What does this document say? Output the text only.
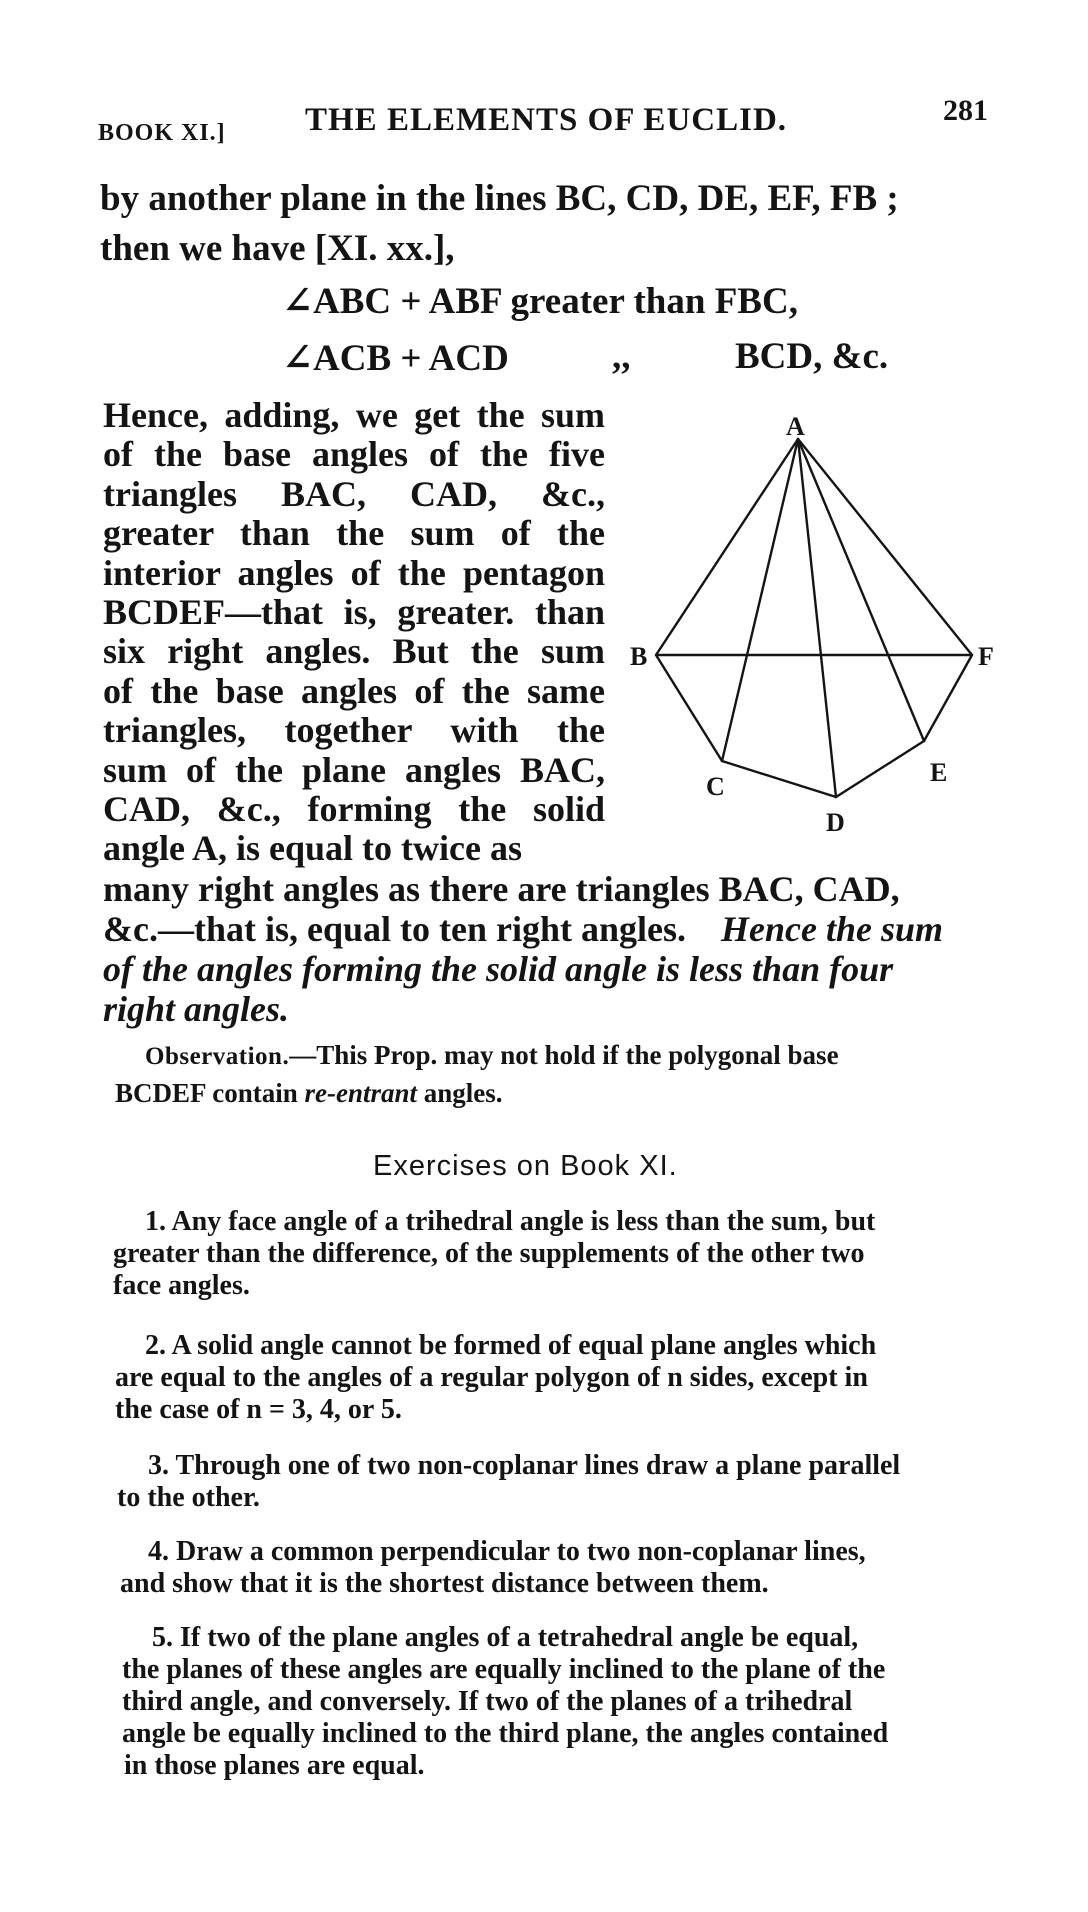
BOOK XI.] THE ELEMENTS OF EUCLID.	281
by another plane in the lines BC, CD, DE, EF, FB ;
then we have [XI. xx.],
∠ABC + ABF greater than FBC,
∠ACB + ACD	,,	BCD, &c.
Hence, adding, we get the sum
of the base angles of the five
triangles BAC, CAD, &c.,
greater than the sum of the
interior angles of the pentagon
BCDEF—that is, greater. than
six right angles. But the sum
of the base angles of the same
triangles, together with the
sum of the plane angles BAC,
CAD, &c., forming the solid
angle A, is equal to twice as
A
B
C
D
E
F
many right angles as there are triangles BAC, CAD,
&c.—that is, equal to ten right angles. Hence the sum
of the angles forming the solid angle is less than four
right angles.
Observation.—This Prop. may not hold if the polygonal base
BCDEF contain re-entrant angles.
Exercises on Book XI.
1. Any face angle of a trihedral angle is less than the sum, but
greater than the difference, of the supplements of the other two
face angles.
2. A solid angle cannot be formed of equal plane angles which
are equal to the angles of a regular polygon of n sides, except in
the case of n = 3, 4, or 5.
3. Through one of two non-coplanar lines draw a plane parallel
to the other.
4. Draw a common perpendicular to two non-coplanar lines,
and show that it is the shortest distance between them.
5. If two of the plane angles of a tetrahedral angle be equal,
the planes of these angles are equally inclined to the plane of the
third angle, and conversely. If two of the planes of a trihedral
angle be equally inclined to the third plane, the angles contained
in those planes are equal.
